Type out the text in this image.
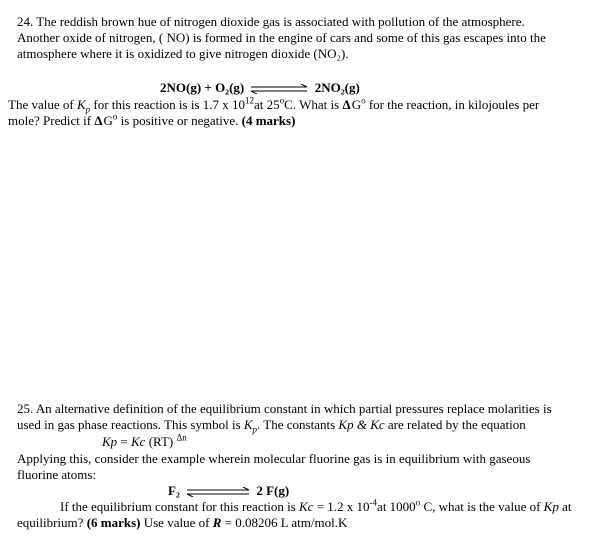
24. The reddish brown hue of nitrogen dioxide gas is associated with pollution of the atmosphere.

Another oxide of nitrogen, ( NO) is formed in the engine of cars and some of this gas escapes into the

atmosphere where it is oxidized to give nitrogen dioxide (NO₂).

2NO(g) + O₂(g)	2NO₂(g)

The value of $K_p$ for this reaction is is 1.7 x $10^{12}at$ 25$^o$C. What is Δ $G^o$ for the reaction, in kilojoules per

mole? Predict if Δ $G^o$ is positive or negative. (4 marks)

25. An alternative definition of the equilibrium constant in which partial pressures replace molarities is

used in gas phase reactions. This symbol is $K_p$. The constants Kp & Kc are related by the equation

Kp = Kc (RT) $^{\Delta n}$

Applying this, consider the example wherein molecular fluorine gas is in equilibrium with gaseous

fluorine atoms:

F₂	2 F(g)

If the equilibrium constant for this reaction is Kc = 1.2 x $10^{-4}at$ 1000$^o$ C, what is the value of Kp at

equilibrium? (6 marks) Use value of R = 0.08206 L atm/mol.K
